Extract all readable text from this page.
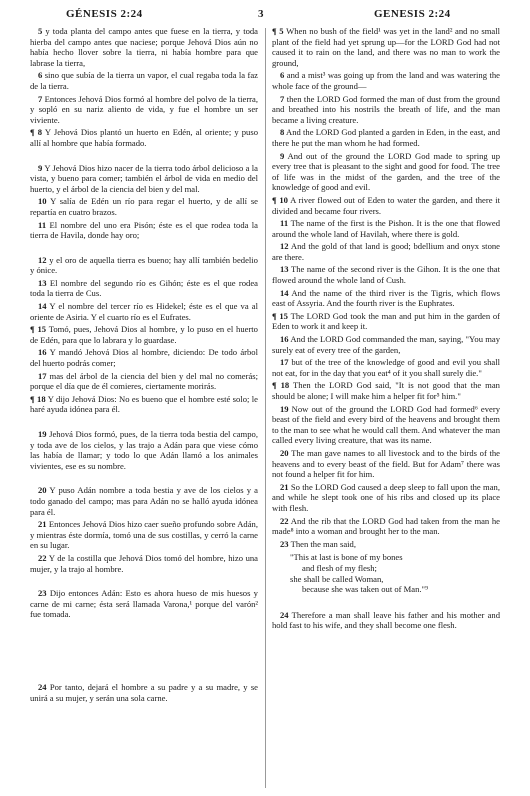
GÉNESIS 2:24	3	GENESIS 2:24

5 y toda planta del campo antes que fuese en la tierra, y toda hierba del campo antes que naciese; porque Jehová Dios aún no había hecho llover sobre la tierra, ni había hombre para que labrase la tierra,

6 sino que subía de la tierra un vapor, el cual regaba toda la faz de la tierra.

7 Entonces Jehová Dios formó al hombre del polvo de la tierra, y sopló en su nariz aliento de vida, y fue el hombre un ser viviente.

¶ 8 Y Jehová Dios plantó un huerto en Edén, al oriente; y puso allí al hombre que había formado.

9 Y Jehová Dios hizo nacer de la tierra todo árbol delicioso a la vista, y bueno para comer; también el árbol de vida en medio del huerto, y el árbol de la ciencia del bien y del mal.

10 Y salía de Edén un río para regar el huerto, y de allí se repartía en cuatro brazos.

11 El nombre del uno era Pisón; éste es el que rodea toda la tierra de Havila, donde hay oro;

12 y el oro de aquella tierra es bueno; hay allí también bedelio y ónice.

13 El nombre del segundo río es Gihón; éste es el que rodea toda la tierra de Cus.

14 Y el nombre del tercer río es Hidekel; éste es el que va al oriente de Asiria. Y el cuarto río es el Eufrates.

¶ 15 Tomó, pues, Jehová Dios al hombre, y lo puso en el huerto de Edén, para que lo labrara y lo guardase.

16 Y mandó Jehová Dios al hombre, diciendo: De todo árbol del huerto podrás comer;

17 mas del árbol de la ciencia del bien y del mal no comerás; porque el día que de él comieres, ciertamente morirás.

¶ 18 Y dijo Jehová Dios: No es bueno que el hombre esté solo; le haré ayuda idónea para él.

19 Jehová Dios formó, pues, de la tierra toda bestia del campo, y toda ave de los cielos, y las trajo a Adán para que viese cómo las había de llamar; y todo lo que Adán llamó a los animales vivientes, ese es su nombre.

20 Y puso Adán nombre a toda bestia y ave de los cielos y a todo ganado del campo; mas para Adán no se halló ayuda idónea para él.

21 Entonces Jehová Dios hizo caer sueño profundo sobre Adán, y mientras éste dormía, tomó una de sus costillas, y cerró la carne en su lugar.

22 Y de la costilla que Jehová Dios tomó del hombre, hizo una mujer, y la trajo al hombre.

23 Dijo entonces Adán: Esto es ahora hueso de mis huesos y carne de mi carne; ésta será llamada Varona,¹ porque del varón² fue tomada.

24 Por tanto, dejará el hombre a su padre y a su madre, y se unirá a su mujer, y serán una sola carne.

¶ 5 When no bush of the field¹ was yet in the land² and no small plant of the field had yet sprung up—for the LORD God had not caused it to rain on the land, and there was no man to work the ground,

6 and a mist³ was going up from the land and was watering the whole face of the ground—

7 then the LORD God formed the man of dust from the ground and breathed into his nostrils the breath of life, and the man became a living creature.

8 And the LORD God planted a garden in Eden, in the east, and there he put the man whom he had formed.

9 And out of the ground the LORD God made to spring up every tree that is pleasant to the sight and good for food. The tree of life was in the midst of the garden, and the tree of the knowledge of good and evil.

¶ 10 A river flowed out of Eden to water the garden, and there it divided and became four rivers.

11 The name of the first is the Pishon. It is the one that flowed around the whole land of Havilah, where there is gold.

12 And the gold of that land is good; bdellium and onyx stone are there.

13 The name of the second river is the Gihon. It is the one that flowed around the whole land of Cush.

14 And the name of the third river is the Tigris, which flows east of Assyria. And the fourth river is the Euphrates.

¶ 15 The LORD God took the man and put him in the garden of Eden to work it and keep it.

16 And the LORD God commanded the man, saying, "You may surely eat of every tree of the garden,

17 but of the tree of the knowledge of good and evil you shall not eat, for in the day that you eat⁴ of it you shall surely die."

¶ 18 Then the LORD God said, "It is not good that the man should be alone; I will make him a helper fit for⁵ him."

19 Now out of the ground the LORD God had formed⁶ every beast of the field and every bird of the heavens and brought them to the man to see what he would call them. And whatever the man called every living creature, that was its name.

20 The man gave names to all livestock and to the birds of the heavens and to every beast of the field. But for Adam⁷ there was not found a helper fit for him.

21 So the LORD God caused a deep sleep to fall upon the man, and while he slept took one of his ribs and closed up its place with flesh.

22 And the rib that the LORD God had taken from the man he made⁸ into a woman and brought her to the man.

23 Then the man said,

"This at last is bone of my bones
and flesh of my flesh;
she shall be called Woman,
because she was taken out of Man."⁹

24 Therefore a man shall leave his father and his mother and hold fast to his wife, and they shall become one flesh.
